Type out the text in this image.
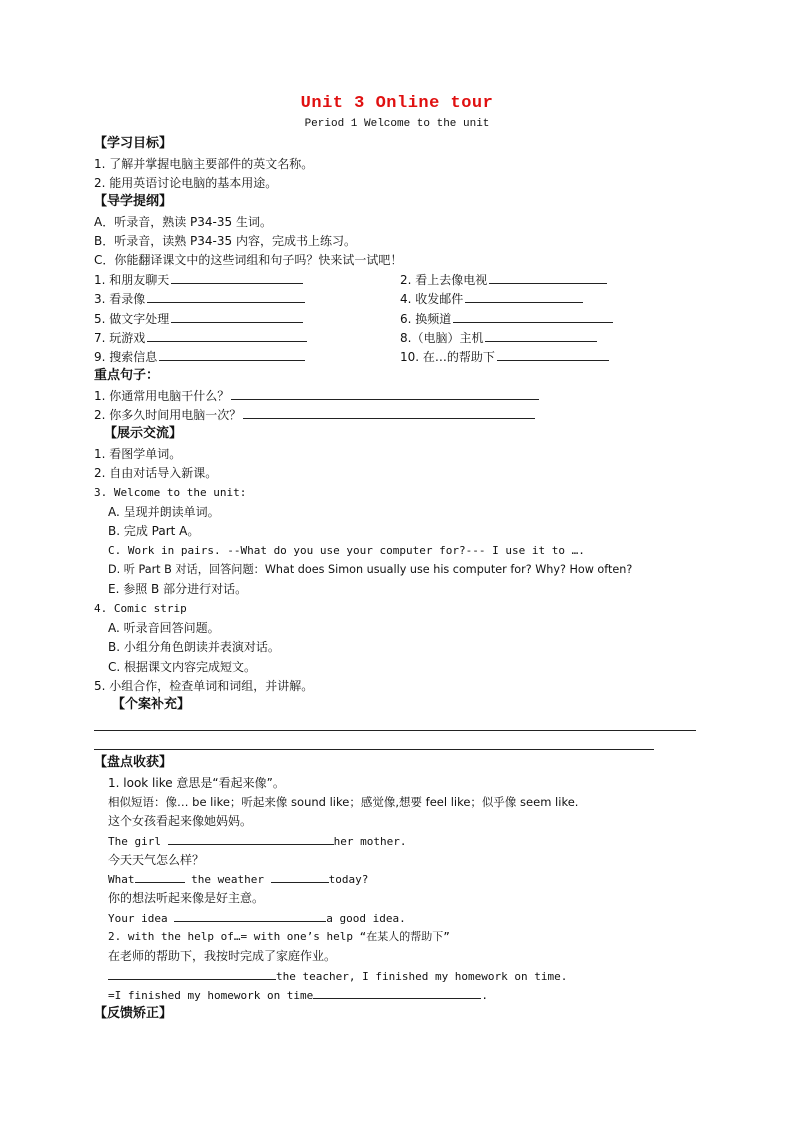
Unit 3 Online tour
Period 1 Welcome to the unit
【学习目标】
1. 了解并掌握电脑主要部件的英文名称。
2. 能用英语讨论电脑的基本用途。
【导学提纲】
A．听录音，熟读 P34-35 生词。
B．听录音，读熟 P34-35 内容，完成书上练习。
C．你能翻译课文中的这些词组和句子吗？快来试一试吧！
1. 和朋友聊天	2. 看上去像电视
3. 看录像	4. 收发邮件
5. 做文字处理	6. 换频道
7. 玩游戏	8.（电脑）主机
9. 搜索信息	10. 在…的帮助下
重点句子：
1. 你通常用电脑干什么？
2. 你多久时间用电脑一次？
【展示交流】
1. 看图学单词。
2. 自由对话导入新课。
3. Welcome to the unit:
A. 呈现并朗读单词。
B. 完成 Part A。
C. Work in pairs. --What do you use your computer for?--- I use it to ….
D. 听 Part B 对话，回答问题：What does Simon usually use his computer for? Why? How often?
E. 参照 B 部分进行对话。
4. Comic strip
A. 听录音回答问题。
B. 小组分角色朗读并表演对话。
C. 根据课文内容完成短文。
5. 小组合作，检查单词和词组，并讲解。
【个案补充】
【盘点收获】
1. look like 意思是“看起来像”。
相似短语：像… be like；听起来像 sound like；感觉像,想要 feel like；似乎像 seem like.
这个女孩看起来像她妈妈。
The girl	her mother.
今天天气怎么样？
What	the weather	today?
你的想法听起来像是好主意。
Your idea	a good idea.
2. with the help of…= with one’s help “在某人的帮助下”
在老师的帮助下，我按时完成了家庭作业。
the teacher, I finished my homework on time.
=I finished my homework on time	.
【反馈矫正】
